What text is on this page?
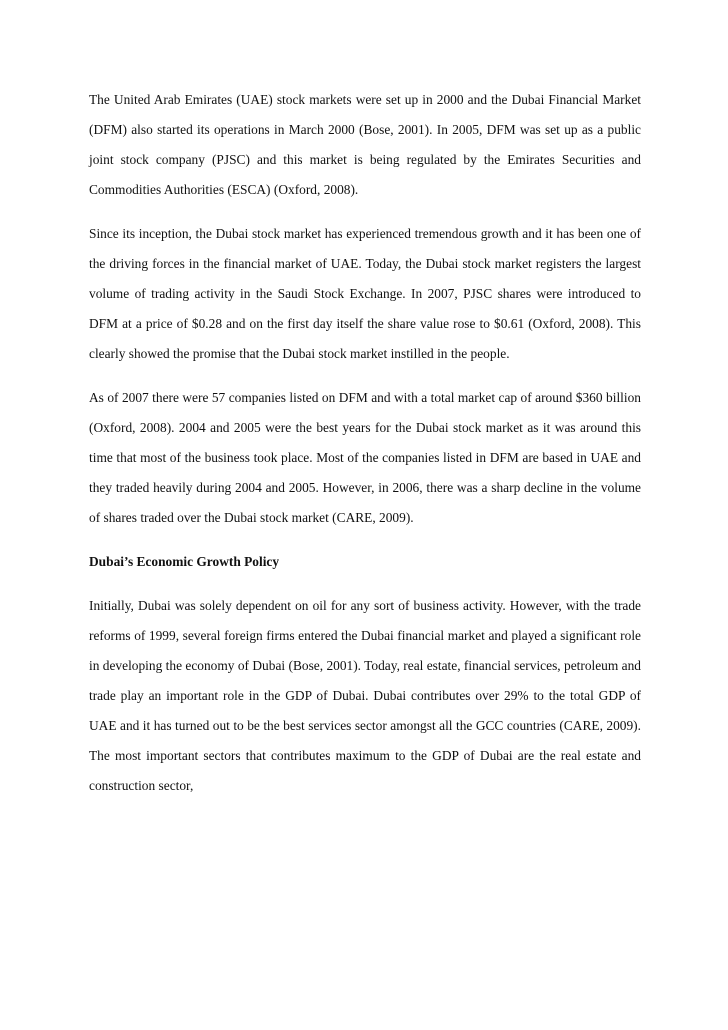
The United Arab Emirates (UAE) stock markets were set up in 2000 and the Dubai Financial Market (DFM) also started its operations in March 2000 (Bose, 2001). In 2005, DFM was set up as a public joint stock company (PJSC) and this market is being regulated by the Emirates Securities and Commodities Authorities (ESCA) (Oxford, 2008).

Since its inception, the Dubai stock market has experienced tremendous growth and it has been one of the driving forces in the financial market of UAE. Today, the Dubai stock market registers the largest volume of trading activity in the Saudi Stock Exchange. In 2007, PJSC shares were introduced to DFM at a price of $0.28 and on the first day itself the share value rose to $0.61 (Oxford, 2008). This clearly showed the promise that the Dubai stock market instilled in the people.

As of 2007 there were 57 companies listed on DFM and with a total market cap of around $360 billion (Oxford, 2008). 2004 and 2005 were the best years for the Dubai stock market as it was around this time that most of the business took place. Most of the companies listed in DFM are based in UAE and they traded heavily during 2004 and 2005. However, in 2006, there was a sharp decline in the volume of shares traded over the Dubai stock market (CARE, 2009).

Dubai’s Economic Growth Policy

Initially, Dubai was solely dependent on oil for any sort of business activity. However, with the trade reforms of 1999, several foreign firms entered the Dubai financial market and played a significant role in developing the economy of Dubai (Bose, 2001). Today, real estate, financial services, petroleum and trade play an important role in the GDP of Dubai. Dubai contributes over 29% to the total GDP of UAE and it has turned out to be the best services sector amongst all the GCC countries (CARE, 2009). The most important sectors that contributes maximum to the GDP of Dubai are the real estate and construction sector,
